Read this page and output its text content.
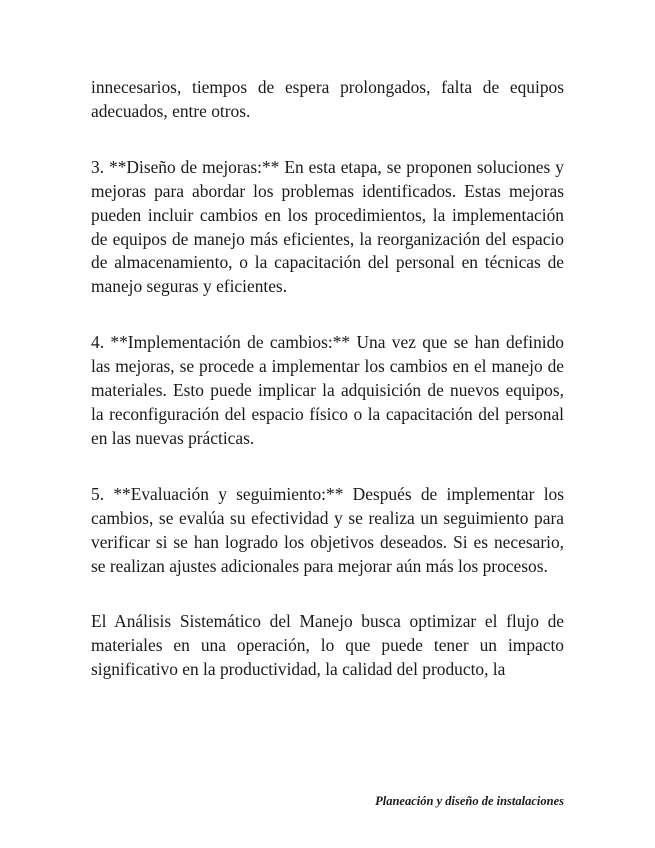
innecesarios, tiempos de espera prolongados, falta de equipos adecuados, entre otros.

3. **Diseño de mejoras:** En esta etapa, se proponen soluciones y mejoras para abordar los problemas identificados. Estas mejoras pueden incluir cambios en los procedimientos, la implementación de equipos de manejo más eficientes, la reorganización del espacio de almacenamiento, o la capacitación del personal en técnicas de manejo seguras y eficientes.

4. **Implementación de cambios:** Una vez que se han definido las mejoras, se procede a implementar los cambios en el manejo de materiales. Esto puede implicar la adquisición de nuevos equipos, la reconfiguración del espacio físico o la capacitación del personal en las nuevas prácticas.

5. **Evaluación y seguimiento:** Después de implementar los cambios, se evalúa su efectividad y se realiza un seguimiento para verificar si se han logrado los objetivos deseados. Si es necesario, se realizan ajustes adicionales para mejorar aún más los procesos.

El Análisis Sistemático del Manejo busca optimizar el flujo de materiales en una operación, lo que puede tener un impacto significativo en la productividad, la calidad del producto, la

Planeación y diseño de instalaciones
